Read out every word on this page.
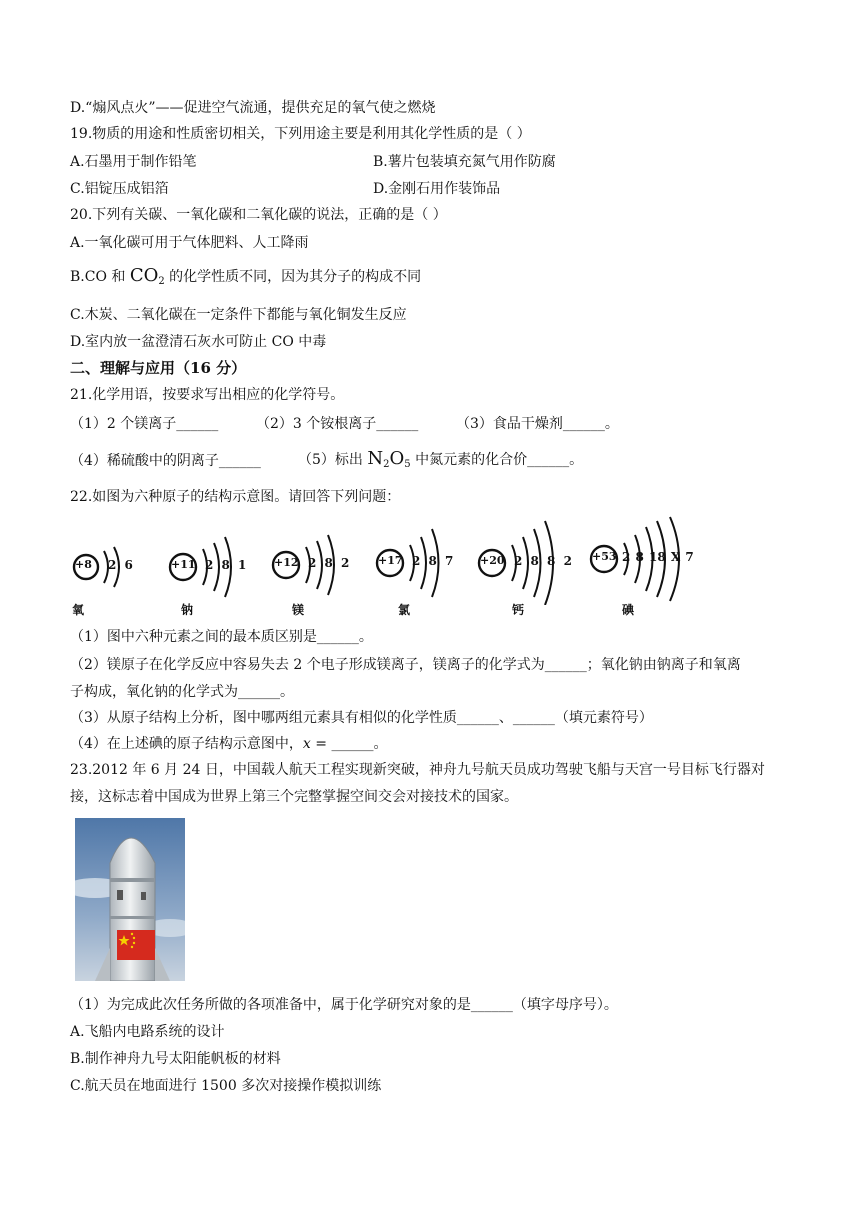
D.“煽风点火”——促进空气流通，提供充足的氧气使之燃烧
19.物质的用途和性质密切相关，下列用途主要是利用其化学性质的是（ ）
A.石墨用于制作铅笔	B.薯片包装填充氮气用作防腐
C.铝锭压成铝箔	D.金刚石用作装饰品
20.下列有关碳、一氧化碳和二氧化碳的说法，正确的是（ ）
A.一氧化碳可用于气体肥料、人工降雨
B.CO 和 $CO_2$ 的化学性质不同，因为其分子的构成不同
C.木炭、二氧化碳在一定条件下都能与氧化铜发生反应
D.室内放一盆澄清石灰水可防止 CO 中毒
二、理解与应用（16 分）
21.化学用语，按要求写出相应的化学符号。
（1）2 个镁离子______	（2）3 个铵根离子______	（3）食品干燥剂______。
（4）稀硫酸中的阴离子______	（5）标出 $N_2O_5$ 中氮元素的化合价______。
22.如图为六种原子的结构示意图。请回答下列问题：
+8 2 6
氧
+11 2 8 1
钠
+12 2 8 2
镁
+17 2 8 7
氯
+20 2 8 8 2
钙
+53 2 8 18 X 7
碘
（1）图中六种元素之间的最本质区别是______。
（2）镁原子在化学反应中容易失去 2 个电子形成镁离子，镁离子的化学式为______；氧化钠由钠离子和氧离
子构成，氧化钠的化学式为______。
（3）从原子结构上分析，图中哪两组元素具有相似的化学性质______、______（填元素符号）
（4）在上述碘的原子结构示意图中，x = ______。
23.2012 年 6 月 24 日，中国载人航天工程实现新突破，神舟九号航天员成功驾驶飞船与天宫一号目标飞行器对
接，这标志着中国成为世界上第三个完整掌握空间交会对接技术的国家。
（1）为完成此次任务所做的各项准备中，属于化学研究对象的是______（填字母序号）。
A.飞船内电路系统的设计
B.制作神舟九号太阳能帆板的材料
C.航天员在地面进行 1500 多次对接操作模拟训练
